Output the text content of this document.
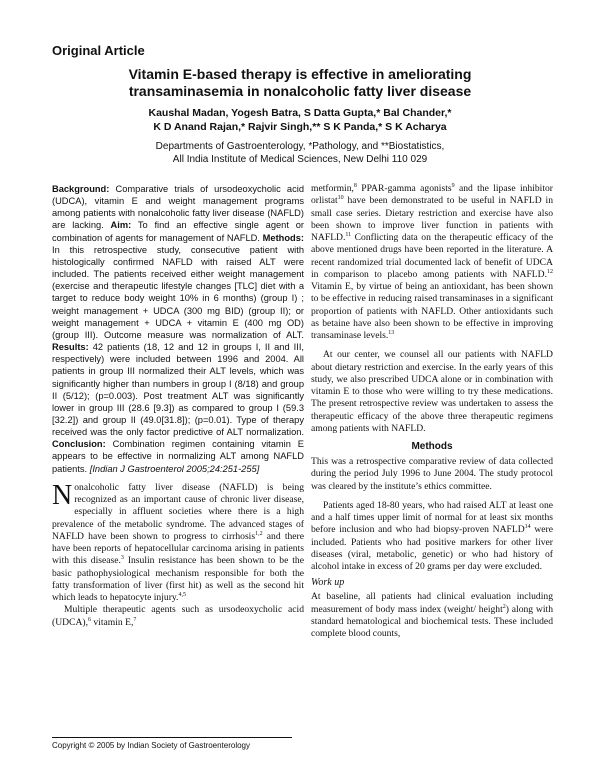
Original Article
Vitamin E-based therapy is effective in ameliorating
transaminasemia in nonalcoholic fatty liver disease
Kaushal Madan, Yogesh Batra, S Datta Gupta,* Bal Chander,*
K D Anand Rajan,* Rajvir Singh,** S K Panda,* S K Acharya
Departments of Gastroenterology, *Pathology, and **Biostatistics,
All India Institute of Medical Sciences, New Delhi 110 029

Background: Comparative trials of ursodeoxycholic acid (UDCA), vitamin E and weight management programs among patients with nonalcoholic fatty liver disease (NAFLD) are lacking. Aim: To find an effective single agent or combination of agents for management of NAFLD. Methods: In this retrospective study, consecutive patient with histologically confirmed NAFLD with raised ALT were included. The patients received either weight management (exercise and therapeutic lifestyle changes [TLC] diet with a target to reduce body weight 10% in 6 months) (group I) ; weight management + UDCA (300 mg BID) (group II); or weight management + UDCA + vitamin E (400 mg OD) (group III). Outcome measure was normalization of ALT. Results: 42 patients (18, 12 and 12 in groups I, II and III, respectively) were included between 1996 and 2004. All patients in group III normalized their ALT levels, which was significantly higher than numbers in group I (8/18) and group II (5/12); (p=0.003). Post treatment ALT was significantly lower in group III (28.6 [9.3]) as compared to group I (59.3 [32.2]) and group II (49.0[31.8]); (p=0.01). Type of therapy received was the only factor predictive of ALT normalization. Conclusion: Combination regimen containing vitamin E appears to be effective in normalizing ALT among NAFLD patients. [Indian J Gastroenterol 2005;24:251-255]

Nonalcoholic fatty liver disease (NAFLD) is being recognized as an important cause of chronic liver disease, especially in affluent societies where there is a high prevalence of the metabolic syndrome. The advanced stages of NAFLD have been shown to progress to cirrhosis$^{1,2}$ and there have been reports of hepatocellular carcinoma arising in patients with this disease.$^3$ Insulin resistance has been shown to be the basic pathophysiological mechanism responsible for both the fatty transformation of liver (first hit) as well as the second hit which leads to hepatocyte injury.$^{4,5}$

Multiple therapeutic agents such as ursodeoxycholic acid (UDCA),$^6$ vitamin E,$^7$

metformin,$^8$ PPAR-gamma agonists$^9$ and the lipase inhibitor orlistat$^{10}$ have been demonstrated to be useful in NAFLD in small case series. Dietary restriction and exercise have also been shown to improve liver function in patients with NAFLD.$^{11}$ Conflicting data on the therapeutic efficacy of the above mentioned drugs have been reported in the literature. A recent randomized trial documented lack of benefit of UDCA in comparison to placebo among patients with NAFLD.$^{12}$ Vitamin E, by virtue of being an antioxidant, has been shown to be effective in reducing raised transaminases in a significant proportion of patients with NAFLD. Other antioxidants such as betaine have also been shown to be effective in improving transaminase levels.$^{13}$

At our center, we counsel all our patients with NAFLD about dietary restriction and exercise. In the early years of this study, we also prescribed UDCA alone or in combination with vitamin E to those who were willing to try these medications. The present retrospective review was undertaken to assess the therapeutic efficacy of the above three therapeutic regimens among patients with NAFLD.

Methods

This was a retrospective comparative review of data collected during the period July 1996 to June 2004. The study protocol was cleared by the institute’s ethics committee.

Patients aged 18-80 years, who had raised ALT at least one and a half times upper limit of normal for at least six months before inclusion and who had biopsy-proven NAFLD$^{14}$ were included. Patients who had positive markers for other liver diseases (viral, metabolic, genetic) or who had history of alcohol intake in excess of 20 grams per day were excluded.

Work up

At baseline, all patients had clinical evaluation including measurement of body mass index (weight/ height$^2$) along with standard hematological and biochemical tests. These included complete blood counts,

Copyright © 2005 by Indian Society of Gastroenterology
